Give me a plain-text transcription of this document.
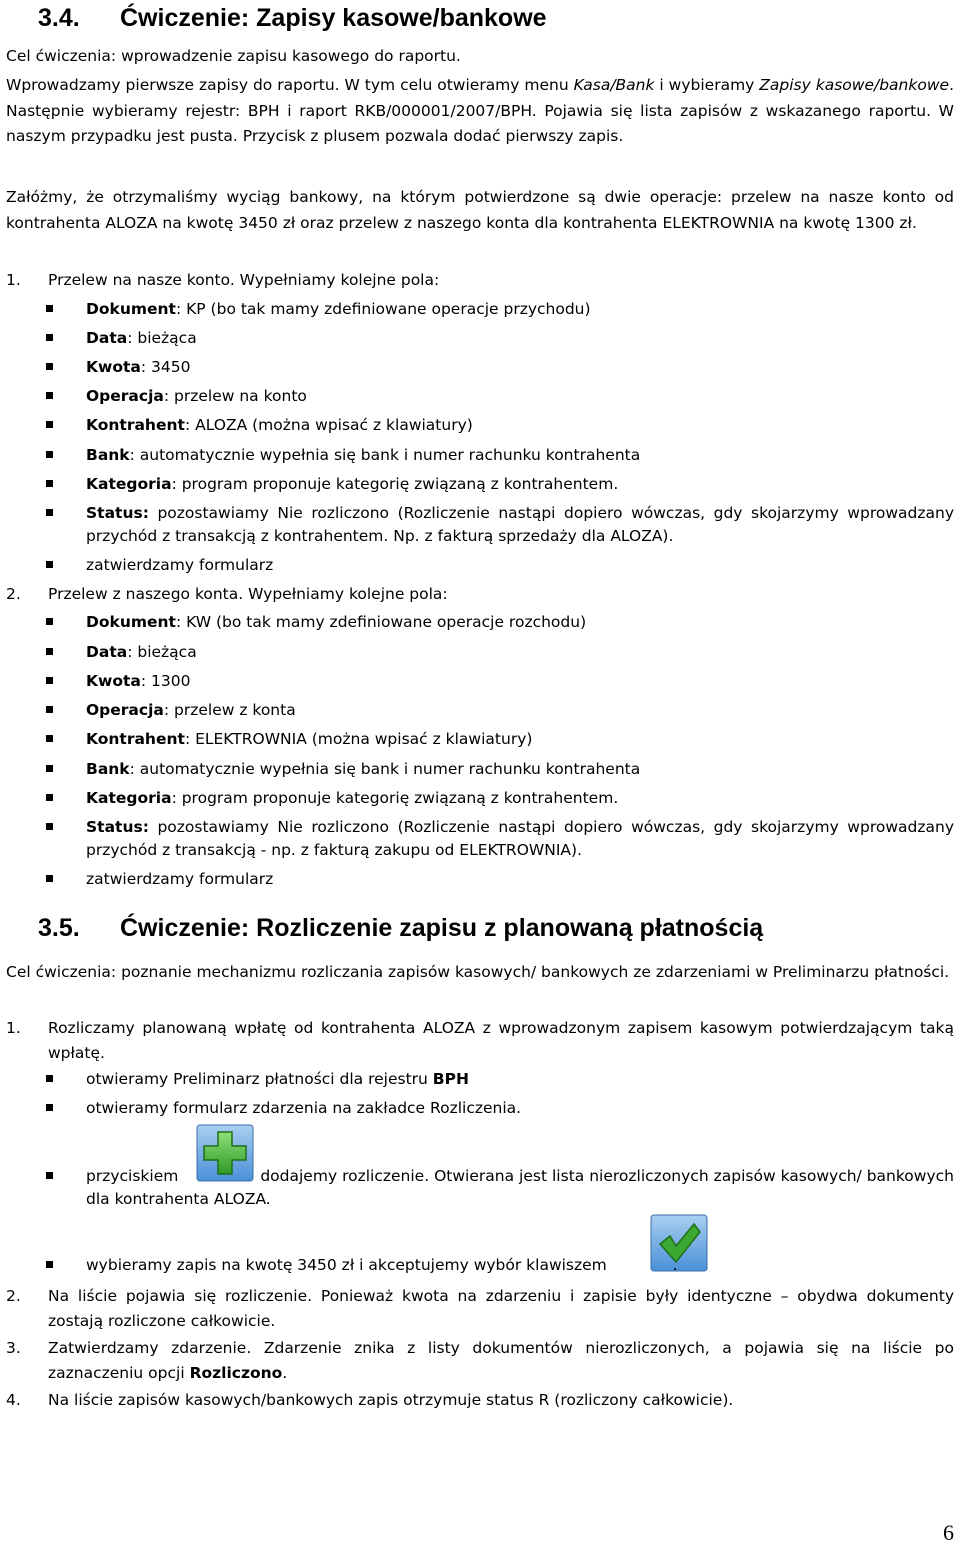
3.4. Ćwiczenie: Zapisy kasowe/bankowe
Cel ćwiczenia: wprowadzenie zapisu kasowego do raportu.
Wprowadzamy pierwsze zapisy do raportu. W tym celu otwieramy menu Kasa/Bank i wybieramy Zapisy kasowe/bankowe. Następnie wybieramy rejestr: BPH i raport RKB/000001/2007/BPH. Pojawia się lista zapisów z wskazanego raportu. W naszym przypadku jest pusta. Przycisk z plusem pozwala dodać pierwszy zapis.
Załóżmy, że otrzymaliśmy wyciąg bankowy, na którym potwierdzone są dwie operacje: przelew na nasze konto od kontrahenta ALOZA na kwotę 3450 zł oraz przelew z naszego konta dla kontrahenta ELEKTROWNIA na kwotę 1300 zł.
1. Przelew na nasze konto. Wypełniamy kolejne pola:
Dokument: KP (bo tak mamy zdefiniowane operacje przychodu)
Data: bieżąca
Kwota: 3450
Operacja: przelew na konto
Kontrahent: ALOZA (można wpisać z klawiatury)
Bank: automatycznie wypełnia się bank i numer rachunku kontrahenta
Kategoria: program proponuje kategorię związaną z kontrahentem.
Status: pozostawiamy Nie rozliczono (Rozliczenie nastąpi dopiero wówczas, gdy skojarzymy wprowadzany przychód z transakcją z kontrahentem. Np. z fakturą sprzedaży dla ALOZA).
zatwierdzamy formularz
2. Przelew z naszego konta. Wypełniamy kolejne pola:
Dokument: KW (bo tak mamy zdefiniowane operacje rozchodu)
Data: bieżąca
Kwota: 1300
Operacja: przelew z konta
Kontrahent: ELEKTROWNIA (można wpisać z klawiatury)
Bank: automatycznie wypełnia się bank i numer rachunku kontrahenta
Kategoria: program proponuje kategorię związaną z kontrahentem.
Status: pozostawiamy Nie rozliczono (Rozliczenie nastąpi dopiero wówczas, gdy skojarzymy wprowadzany przychód z transakcją - np. z fakturą zakupu od ELEKTROWNIA).
zatwierdzamy formularz
3.5. Ćwiczenie: Rozliczenie zapisu z planowaną płatnością
Cel ćwiczenia: poznanie mechanizmu rozliczania zapisów kasowych/ bankowych ze zdarzeniami w Preliminarzu płatności.
1. Rozliczamy planowaną wpłatę od kontrahenta ALOZA z wprowadzonym zapisem kasowym potwierdzającym taką wpłatę.
otwieramy Preliminarz płatności dla rejestru BPH
otwieramy formularz zdarzenia na zakładce Rozliczenia.
przyciskiem	dodajemy rozliczenie. Otwierana jest lista nierozliczonych zapisów kasowych/ bankowych dla kontrahenta ALOZA.
wybieramy zapis na kwotę 3450 zł i akceptujemy wybór klawiszem	.
2. Na liście pojawia się rozliczenie. Ponieważ kwota na zdarzeniu i zapisie były identyczne – obydwa dokumenty zostają rozliczone całkowicie.
3. Zatwierdzamy zdarzenie. Zdarzenie znika z listy dokumentów nierozliczonych, a pojawia się na liście po zaznaczeniu opcji Rozliczono.
4. Na liście zapisów kasowych/bankowych zapis otrzymuje status R (rozliczony całkowicie).
6
